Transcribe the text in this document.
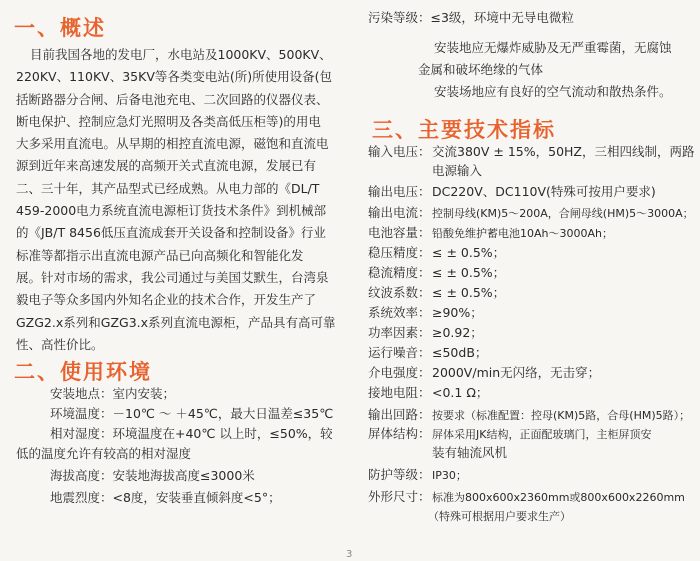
一、概述
目前我国各地的发电厂，水电站及1000KV、500KV、
220KV、110KV、35KV等各类变电站(所)所使用设备(包
括断路器分合闸、后备电池充电、二次回路的仪器仪表、
断电保护、控制应急灯光照明及各类高低压柜等)的用电
大多采用直流电。从早期的相控直流电源，磁饱和直流电
源到近年来高速发展的高频开关式直流电源，发展已有
二、三十年，其产品型式已经成熟。从电力部的《DL/T
459-2000电力系统直流电源柜订货技术条件》到机械部
的《JB/T 8456低压直流成套开关设备和控制设备》行业
标准等都指示出直流电源产品已向高频化和智能化发
展。针对市场的需求，我公司通过与美国艾默生，台湾泉
毅电子等众多国内外知名企业的技术合作，开发生产了
GZG2.x系列和GZG3.x系列直流电源柜，产品具有高可靠
性、高性价比。
二、使用环境
安装地点：室内安装；
环境温度：－10℃ ～ ＋45℃，最大日温差≤35℃
相对湿度：环境温度在+40℃ 以上时，≤50%，较
低的温度允许有较高的相对湿度
海拔高度：安装地海拔高度≤3000米
地震烈度：<8度，安装垂直倾斜度<5°；
污染等级：≤3级，环境中无导电微粒
安装地应无爆炸威胁及无严重霉菌，无腐蚀
金属和破坏绝缘的气体
安装场地应有良好的空气流动和散热条件。
三、主要技术指标
输入电压：交流380V ± 15%，50HZ，三相四线制，两路
电源输入
输出电压：DC220V、DC110V(特殊可按用户要求)
输出电流：控制母线(KM)5～200A，合闸母线(HM)5～3000A；
电池容量：铅酸免维护蓄电池10Ah～3000Ah；
稳压精度：≤ ± 0.5%；
稳流精度：≤ ± 0.5%；
纹波系数：≤ ± 0.5%；
系统效率：≥90%；
功率因素：≥0.92；
运行噪音：≤50dB；
介电强度：2000V/min无闪络，无击穿；
接地电阻：<0.1 Ω；
输出回路：按要求（标准配置：控母(KM)5路，合母(HM)5路）；
屏体结构：屏体采用JK结构，正面配玻璃门，主柜屏顶安
装有轴流风机
防护等级：IP30；
外形尺寸：标准为800x600x2360mm或800x600x2260mm
（特殊可根据用户要求生产）
3
